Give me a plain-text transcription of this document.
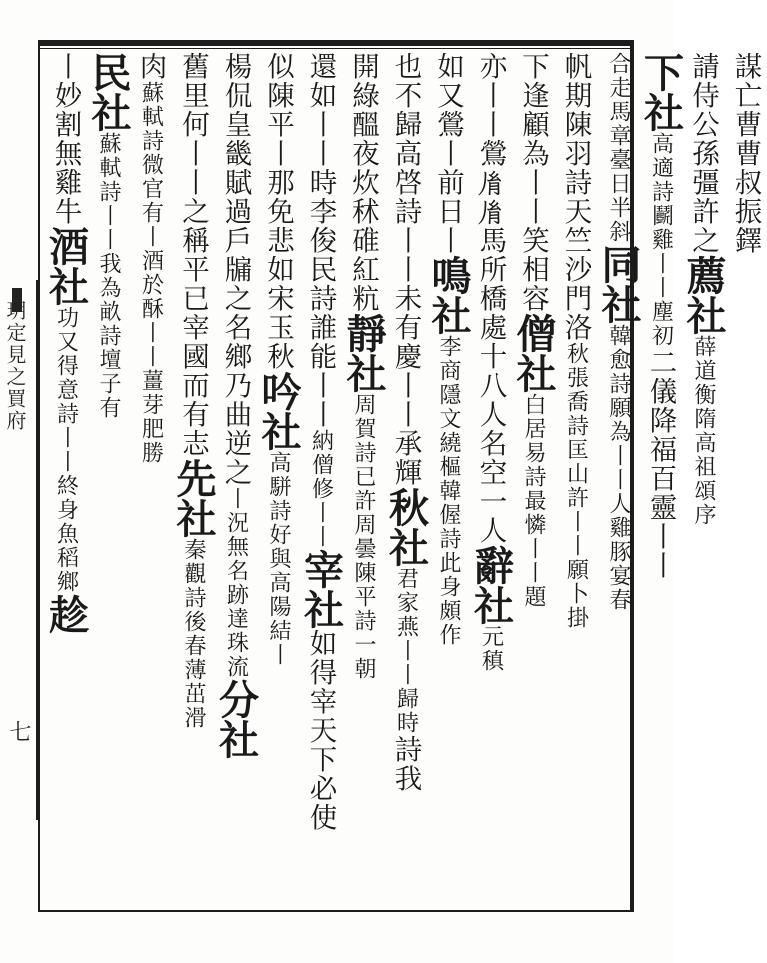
玥定見之買府
七
謀亡曹曹叔振鐸
請侍公孫彊許之薦社薛道衡隋高祖頌序
下社高適詩鬬雞丨丨塵初二儀降福百靈丨丨
合走馬章臺日半斜同社韓愈詩願為丨丨人雞豚宴春
帆期陳羽詩天竺沙門洛秋張喬詩匡山許丨丨願卜掛
下逢顧為丨丨笑相容僧社白居易詩最憐丨丨題
亦丨丨鶯𦙍𦙍馬所橋處十八人名空一人辭社元稹
如又鶯丨前日丨鳴社李商隱文繞樞韓偓詩此身頗作
也不歸高啓詩丨丨未有慶丨丨承輝秋社君家燕丨丨歸時詩我
開綠醞夜炊秫碓紅粇靜社周賀詩已許周曇陳平詩一朝
還如丨丨時李俊民詩誰能丨丨納僧修丨丨宰社如得宰天下必使
似陳平丨那免悲如宋玉秋吟社高駢詩好與高陽結丨
楊侃皇畿賦過戶牖之名鄉乃曲逆之丨況無名跡達珠流分社
舊里何丨丨之稱平已宰國而有志先社秦觀詩後春薄茁滑
肉蘇軾詩微官有丨酒於酥丨丨薑芽肥勝
民社蘇軾詩丨丨我為畝詩壇子有
丨妙割無雞牛酒社功又得意詩丨丨終身魚稻鄉趁
